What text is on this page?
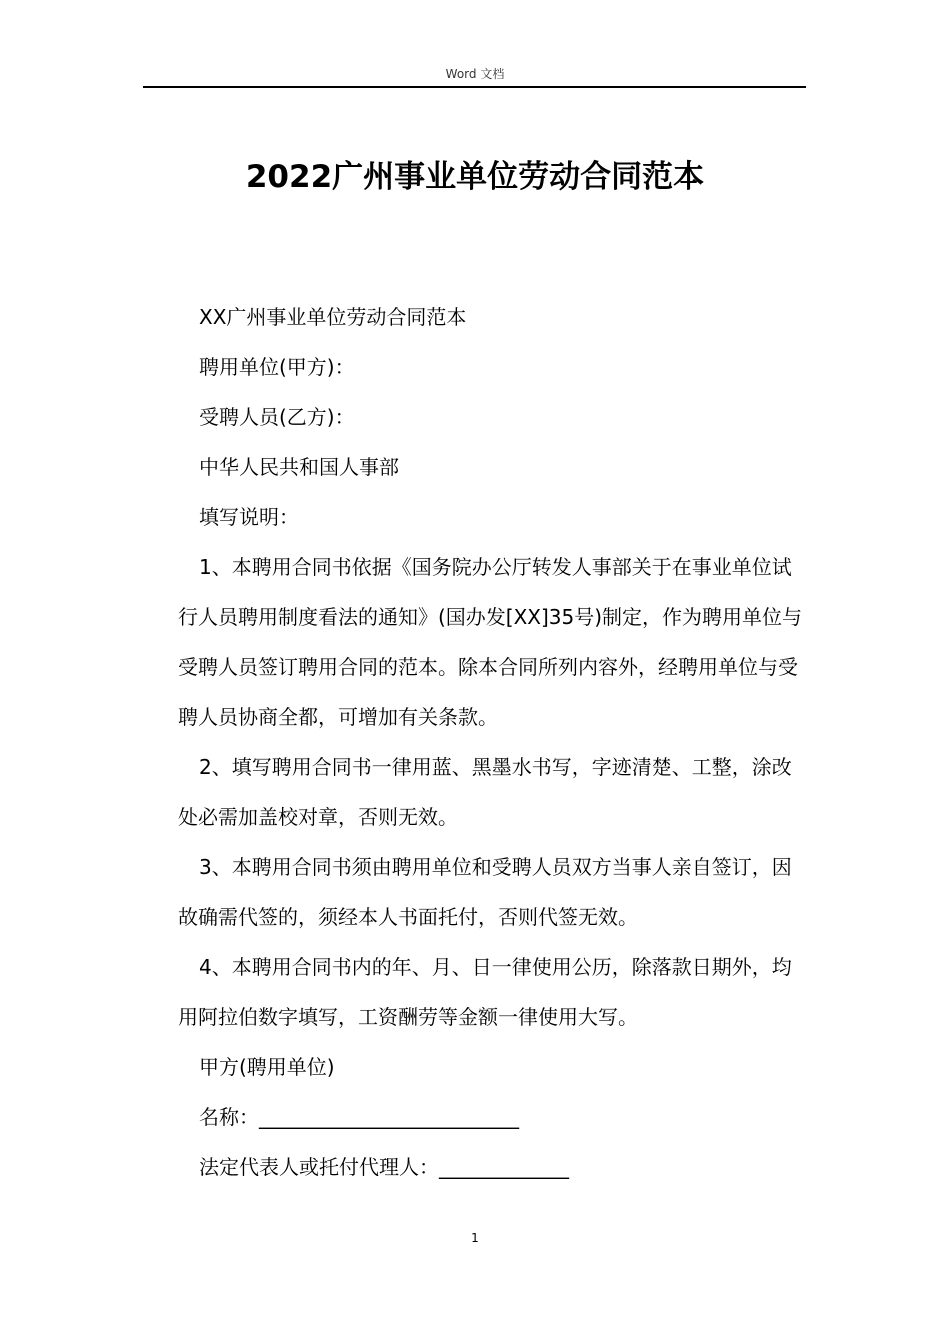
Word 文档
2022广州事业单位劳动合同范本

XX广州事业单位劳动合同范本

聘用单位(甲方)：

受聘人员(乙方)：

中华人民共和国人事部

填写说明：

1、本聘用合同书依据《国务院办公厅转发人事部关于在事业单位试行人员聘用制度看法的通知》(国办发[XX]35号)制定，作为聘用单位与受聘人员签订聘用合同的范本。除本合同所列内容外，经聘用单位与受聘人员协商全都，可增加有关条款。

2、填写聘用合同书一律用蓝、黑墨水书写，字迹清楚、工整，涂改处必需加盖校对章，否则无效。

3、本聘用合同书须由聘用单位和受聘人员双方当事人亲自签订，因故确需代签的，须经本人书面托付，否则代签无效。

4、本聘用合同书内的年、月、日一律使用公历，除落款日期外，均用阿拉伯数字填写，工资酬劳等金额一律使用大写。

甲方(聘用单位)

名称：__________________________

法定代表人或托付代理人：_____________

1
